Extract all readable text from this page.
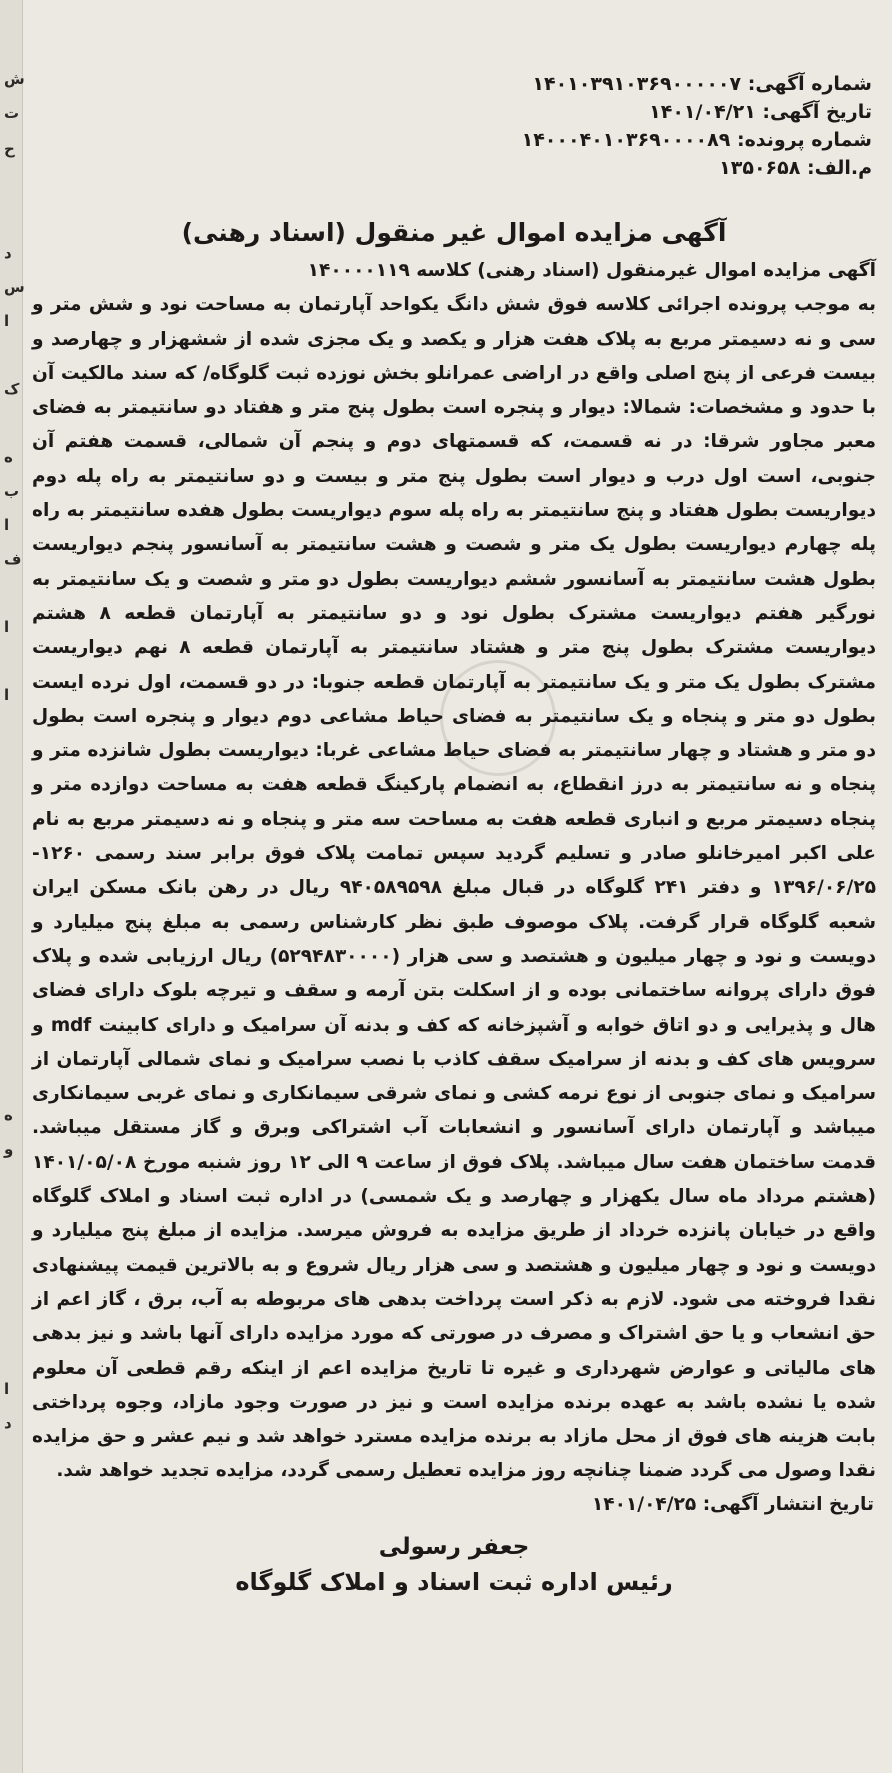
ش
ت
ح
د
س
ا
ک
ه
ب
ا
ف
ا
ا
ه
و
ا
د

شماره آگهی: ۱۴۰۱۰۳۹۱۰۳۶۹۰۰۰۰۰۷

تاریخ آگهی: ۱۴۰۱/۰۴/۲۱

شماره پرونده: ۱۴۰۰۰۴۰۱۰۳۶۹۰۰۰۰۸۹

م.الف: ۱۳۵۰۶۵۸

آگهی مزایده اموال غیر منقول (اسناد رهنی)

آگهی مزایده اموال غیرمنقول (اسناد رهنی) کلاسه ۱۴۰۰۰۰۱۱۹

به موجب پرونده اجرائی کلاسه فوق شش دانگ یکواحد آپارتمان به مساحت نود و شش متر و سی و نه دسیمتر مربع به پلاک هفت هزار و یکصد و یک مجزی شده از ششهزار و چهارصد و بیست فرعی از پنج اصلی واقع در اراضی عمرانلو بخش نوزده ثبت گلوگاه/ که سند مالکیت آن با حدود و مشخصات: شمالا: دیوار و پنجره است بطول پنج متر و هفتاد دو سانتیمتر به فضای معبر مجاور شرقا: در نه قسمت، که قسمتهای دوم و پنجم آن شمالی، قسمت هفتم آن جنوبی، است اول درب و دیوار است بطول پنج متر و بیست و دو سانتیمتر به راه پله دوم دیواریست بطول هفتاد و پنج سانتیمتر به راه پله سوم دیواریست بطول هفده سانتیمتر به راه پله چهارم دیواریست بطول یک متر و شصت و هشت سانتیمتر به آسانسور پنجم دیواریست بطول هشت سانتیمتر به آسانسور ششم دیواریست بطول دو متر و شصت و یک سانتیمتر به نورگیر هفتم دیواریست مشترک بطول نود و دو سانتیمتر به آپارتمان قطعه ۸ هشتم دیواریست مشترک بطول پنج متر و هشتاد سانتیمتر به آپارتمان قطعه ۸ نهم دیواریست مشترک بطول یک متر و یک سانتیمتر به آپارتمان قطعه جنوبا: در دو قسمت، اول نرده ایست بطول دو متر و پنجاه و یک سانتیمتر به فضای حیاط مشاعی دوم دیوار و پنجره است بطول دو متر و هشتاد و چهار سانتیمتر به فضای حیاط مشاعی غربا: دیواریست بطول شانزده متر و پنجاه و نه سانتیمتر به درز انقطاع، به انضمام پارکینگ قطعه هفت به مساحت دوازده متر و پنجاه دسیمتر مربع و انباری قطعه هفت به مساحت سه متر و پنجاه و نه دسیمتر مربع به نام علی اکبر امیرخانلو صادر و تسلیم گردید سپس تمامت پلاک فوق برابر سند رسمی ۱۲۶۰- ۱۳۹۶/۰۶/۲۵ و دفتر ۲۴۱ گلوگاه در قبال مبلغ ۹۴۰۵۸۹۵۹۸ ریال در رهن بانک مسکن ایران شعبه گلوگاه قرار گرفت. پلاک موصوف طبق نظر کارشناس رسمی به مبلغ پنج میلیارد و دویست و نود و چهار میلیون و هشتصد و سی هزار (۵۲۹۴۸۳۰۰۰۰) ریال ارزیابی شده و پلاک فوق دارای پروانه ساختمانی بوده و از اسکلت بتن آرمه و سقف و تیرچه بلوک دارای فضای هال و پذیرایی و دو اتاق خوابه و آشپزخانه که کف و بدنه آن سرامیک و دارای کابینت mdf و سرویس های کف و بدنه از سرامیک سقف کاذب با نصب سرامیک و نمای شمالی آپارتمان از سرامیک و نمای جنوبی از نوع نرمه کشی و نمای شرقی سیمانکاری و نمای غربی سیمانکاری میباشد و آپارتمان دارای آسانسور و انشعابات آب اشتراکی وبرق و گاز مستقل میباشد. قدمت ساختمان هفت سال میباشد. پلاک فوق از ساعت ۹ الی ۱۲ روز شنبه مورخ ۱۴۰۱/۰۵/۰۸ (هشتم مرداد ماه سال یکهزار و چهارصد و یک شمسی) در اداره ثبت اسناد و املاک گلوگاه واقع در خیابان پانزده خرداد از طریق مزایده به فروش میرسد. مزایده از مبلغ پنج میلیارد و دویست و نود و چهار میلیون و هشتصد و سی هزار ریال شروع و به بالاترین قیمت پیشنهادی نقدا فروخته می شود. لازم به ذکر است پرداخت بدهی های مربوطه به آب، برق ، گاز اعم از حق انشعاب و یا حق اشتراک و مصرف در صورتی که مورد مزایده دارای آنها باشد و نیز بدهی های مالیاتی و عوارض شهرداری و غیره تا تاریخ مزایده اعم از اینکه رقم قطعی آن معلوم شده یا نشده باشد به عهده برنده مزایده است و نیز در صورت وجود مازاد، وجوه پرداختی بابت هزینه های فوق از محل مازاد به برنده مزایده مسترد خواهد شد و نیم عشر و حق مزایده نقدا وصول می گردد ضمنا چنانچه روز مزایده تعطیل رسمی گردد، مزایده تجدید خواهد شد.

تاریخ انتشار آگهی: ۱۴۰۱/۰۴/۲۵

جعفر رسولی

رئیس اداره ثبت اسناد و املاک گلوگاه
